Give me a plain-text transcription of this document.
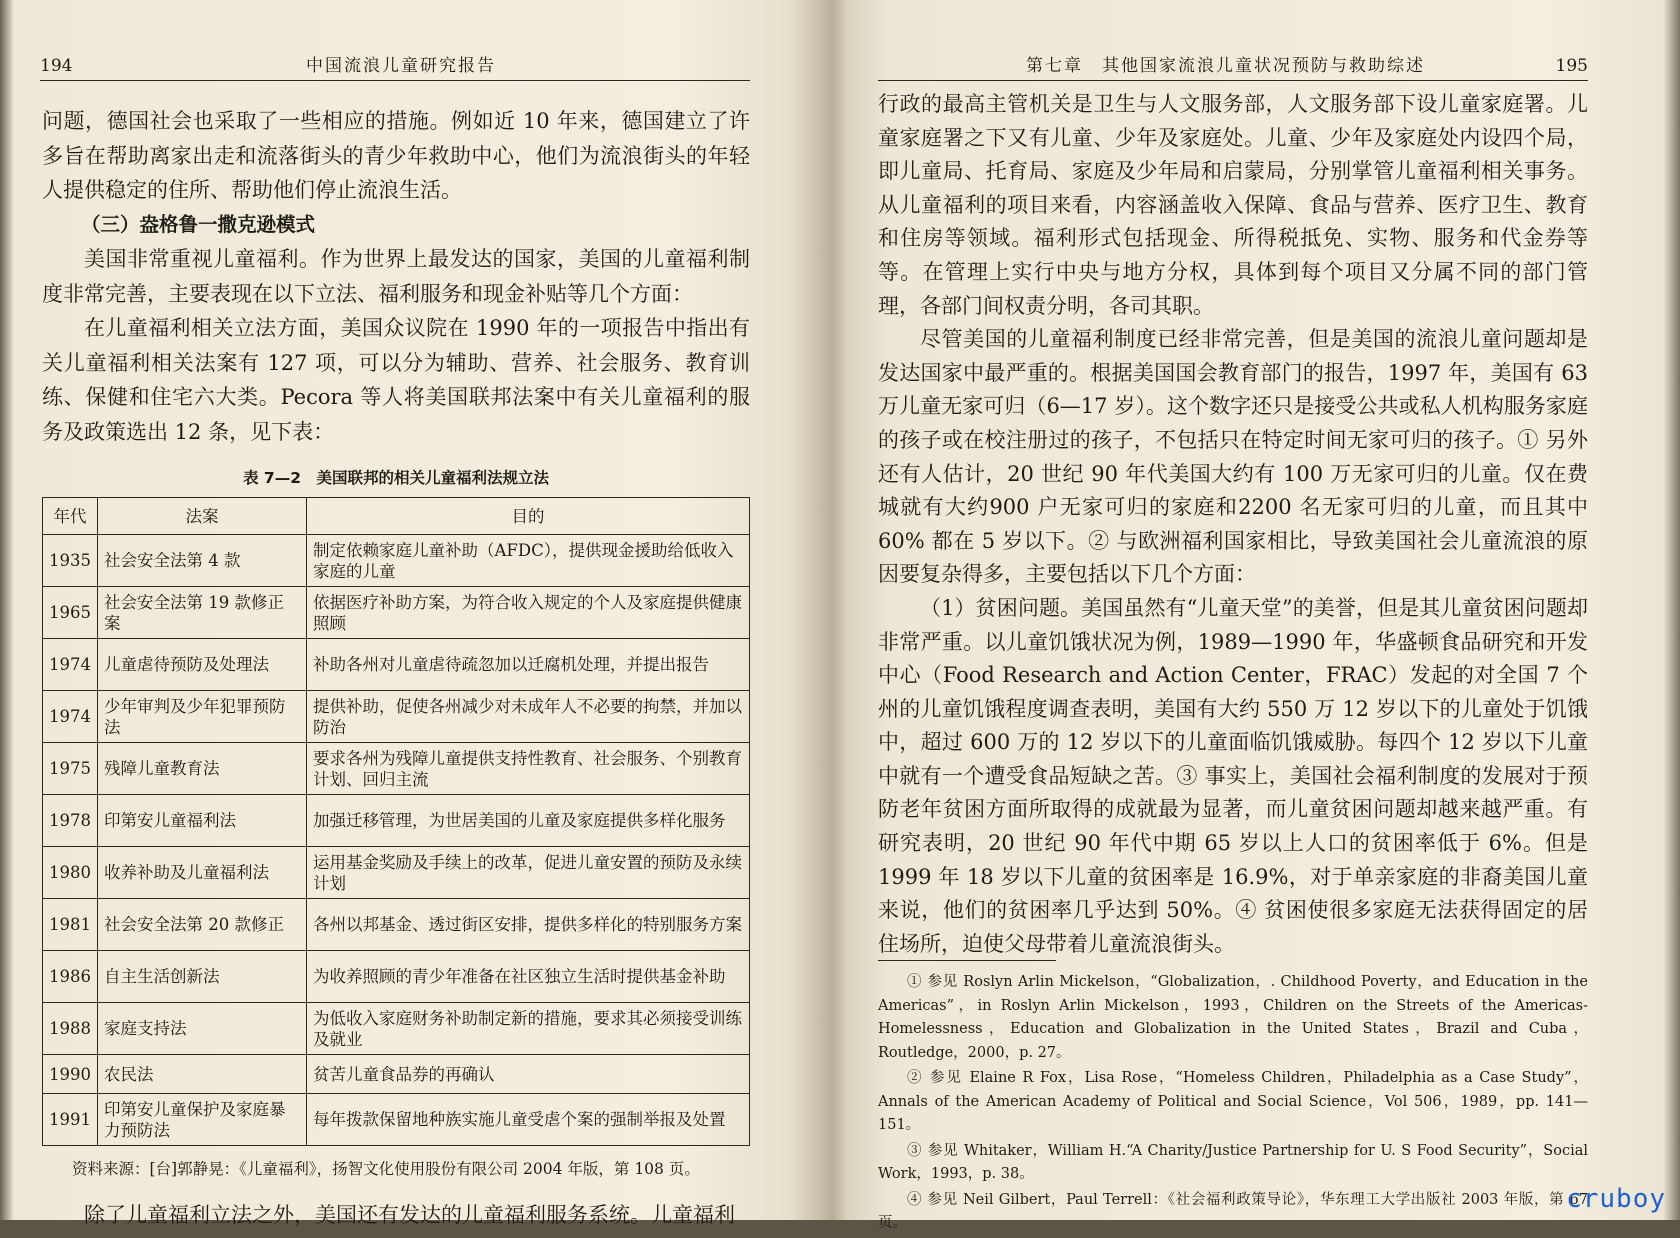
194	中国流浪儿童研究报告

问题，德国社会也采取了一些相应的措施。例如近 10 年来，德国建立了许多旨在帮助离家出走和流落街头的青少年救助中心，他们为流浪街头的年轻人提供稳定的住所、帮助他们停止流浪生活。

（三）盎格鲁一撒克逊模式

美国非常重视儿童福利。作为世界上最发达的国家，美国的儿童福利制度非常完善，主要表现在以下立法、福利服务和现金补贴等几个方面：

在儿童福利相关立法方面，美国众议院在 1990 年的一项报告中指出有关儿童福利相关法案有 127 项，可以分为辅助、营养、社会服务、教育训练、保健和住宅六大类。Pecora 等人将美国联邦法案中有关儿童福利的服务及政策选出 12 条，见下表：

表 7—2　美国联邦的相关儿童福利法规立法
年代	法案	目的
1935	社会安全法第 4 款	制定依赖家庭儿童补助（AFDC），提供现金援助给低收入家庭的儿童
1965	社会安全法第 19 款修正案	依据医疗补助方案，为符合收入规定的个人及家庭提供健康照顾
1974	儿童虐待预防及处理法	补助各州对儿童虐待疏忽加以迁腐机处理，并提出报告
1974	少年审判及少年犯罪预防法	提供补助，促使各州减少对未成年人不必要的拘禁，并加以防治
1975	残障儿童教育法	要求各州为残障儿童提供支持性教育、社会服务、个别教育计划、回归主流
1978	印第安儿童福利法	加强迁移管理，为世居美国的儿童及家庭提供多样化服务
1980	收养补助及儿童福利法	运用基金奖励及手续上的改革，促进儿童安置的预防及永续计划
1981	社会安全法第 20 款修正	各州以邦基金、透过街区安排，提供多样化的特别服务方案
1986	自主生活创新法	为收养照顾的青少年准备在社区独立生活时提供基金补助
1988	家庭支持法	为低收入家庭财务补助制定新的措施，要求其必须接受训练及就业
1990	农民法	贫苦儿童食品券的再确认
1991	印第安儿童保护及家庭暴力预防法	每年拨款保留地种族实施儿童受虐个案的强制举报及处置
资料来源：[台]郭静晃：《儿童福利》，扬智文化使用股份有限公司 2004 年版，第 108 页。

除了儿童福利立法之外，美国还有发达的儿童福利服务系统。儿童福利

第七章　其他国家流浪儿童状况预防与救助综述	195

行政的最高主管机关是卫生与人文服务部，人文服务部下设儿童家庭署。儿童家庭署之下又有儿童、少年及家庭处。儿童、少年及家庭处内设四个局，即儿童局、托育局、家庭及少年局和启蒙局，分别掌管儿童福利相关事务。从儿童福利的项目来看，内容涵盖收入保障、食品与营养、医疗卫生、教育和住房等领域。福利形式包括现金、所得税抵免、实物、服务和代金券等等。在管理上实行中央与地方分权，具体到每个项目又分属不同的部门管理，各部门间权责分明，各司其职。

尽管美国的儿童福利制度已经非常完善，但是美国的流浪儿童问题却是发达国家中最严重的。根据美国国会教育部门的报告，1997 年，美国有 63 万儿童无家可归（6—17 岁）。这个数字还只是接受公共或私人机构服务家庭的孩子或在校注册过的孩子，不包括只在特定时间无家可归的孩子。① 另外还有人估计，20 世纪 90 年代美国大约有 100 万无家可归的儿童。仅在费城就有大约900 户无家可归的家庭和2200 名无家可归的儿童，而且其中60% 都在 5 岁以下。② 与欧洲福利国家相比，导致美国社会儿童流浪的原因要复杂得多，主要包括以下几个方面：

（1）贫困问题。美国虽然有“儿童天堂”的美誉，但是其儿童贫困问题却非常严重。以儿童饥饿状况为例，1989—1990 年，华盛顿食品研究和开发中心（Food Research and Action Center，FRAC）发起的对全国 7 个州的儿童饥饿程度调查表明，美国有大约 550 万 12 岁以下的儿童处于饥饿中，超过 600 万的 12 岁以下的儿童面临饥饿威胁。每四个 12 岁以下儿童中就有一个遭受食品短缺之苦。③ 事实上，美国社会福利制度的发展对于预防老年贫困方面所取得的成就最为显著，而儿童贫困问题却越来越严重。有研究表明，20 世纪 90 年代中期 65 岁以上人口的贫困率低于 6%。但是 1999 年 18 岁以下儿童的贫困率是 16.9%，对于单亲家庭的非裔美国儿童来说，他们的贫困率几乎达到 50%。④ 贫困使很多家庭无法获得固定的居住场所，迫使父母带着儿童流浪街头。

① 参见 Roslyn Arlin Mickelson，“Globalization，. Childhood Poverty，and Education in the Americas”，in Roslyn Arlin Mickelson，1993，Children on the Streets of the Americas-Homelessness，Education and Globalization in the United States，Brazil and Cuba，Routledge，2000，p. 27。

② 参见 Elaine R Fox，Lisa Rose，“Homeless Children，Philadelphia as a Case Study”，Annals of the American Academy of Political and Social Science，Vol 506，1989，pp. 141—151。

③ 参见 Whitaker，William H.“A Charity/Justice Partnership for U. S Food Security”，Social Work，1993，p. 38。

④ 参见 Neil Gilbert，Paul Terrell：《社会福利政策导论》，华东理工大学出版社 2003 年版，第 67 页。

cruboy
